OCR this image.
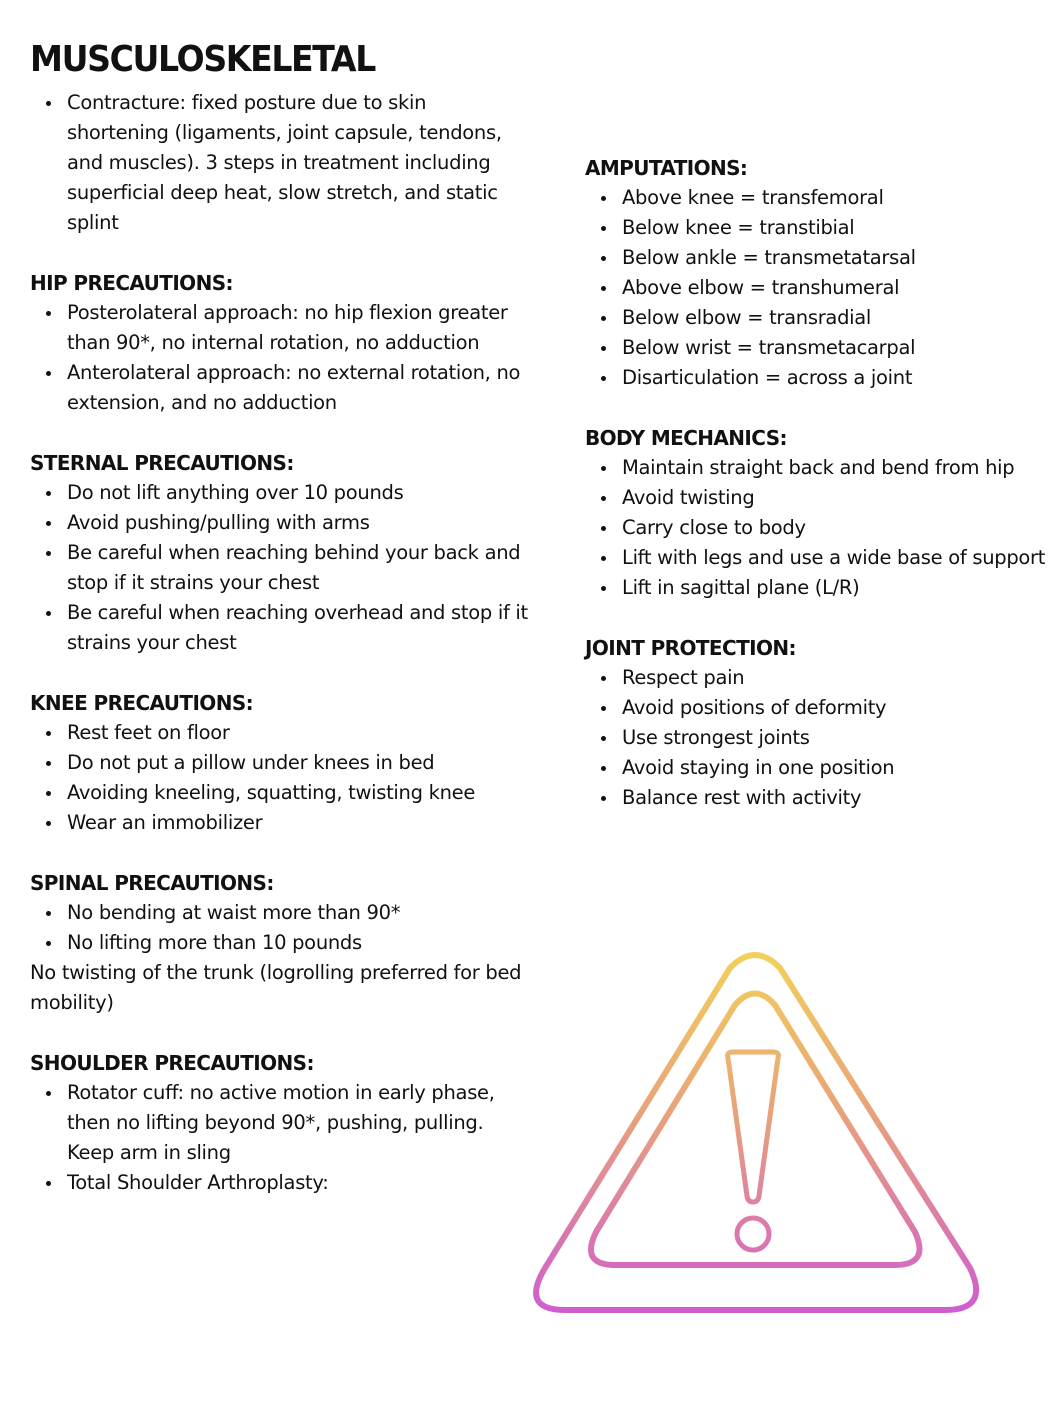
MUSCULOSKELETAL
Contracture: fixed posture due to skin shortening (ligaments, joint capsule, tendons, and muscles). 3 steps in treatment including superficial deep heat, slow stretch, and static splint
HIP PRECAUTIONS:
Posterolateral approach: no hip flexion greater than 90*, no internal rotation, no adduction
Anterolateral approach: no external rotation, no extension, and no adduction
STERNAL PRECAUTIONS:
Do not lift anything over 10 pounds
Avoid pushing/pulling with arms
Be careful when reaching behind your back and stop if it strains your chest
Be careful when reaching overhead and stop if it strains your chest
KNEE PRECAUTIONS:
Rest feet on floor
Do not put a pillow under knees in bed
Avoiding kneeling, squatting, twisting knee
Wear an immobilizer
SPINAL PRECAUTIONS:
No bending at waist more than 90*
No lifting more than 10 pounds

No twisting of the trunk (logrolling preferred for bed mobility)

SHOULDER PRECAUTIONS:
Rotator cuff: no active motion in early phase, then no lifting beyond 90*, pushing, pulling. Keep arm in sling
Total Shoulder Arthroplasty:
AMPUTATIONS:
Above knee = transfemoral
Below knee = transtibial
Below ankle = transmetatarsal
Above elbow = transhumeral
Below elbow = transradial
Below wrist = transmetacarpal
Disarticulation = across a joint
BODY MECHANICS:
Maintain straight back and bend from hip
Avoid twisting
Carry close to body
Lift with legs and use a wide base of support
Lift in sagittal plane (L/R)
JOINT PROTECTION:
Respect pain
Avoid positions of deformity
Use strongest joints
Avoid staying in one position
Balance rest with activity
